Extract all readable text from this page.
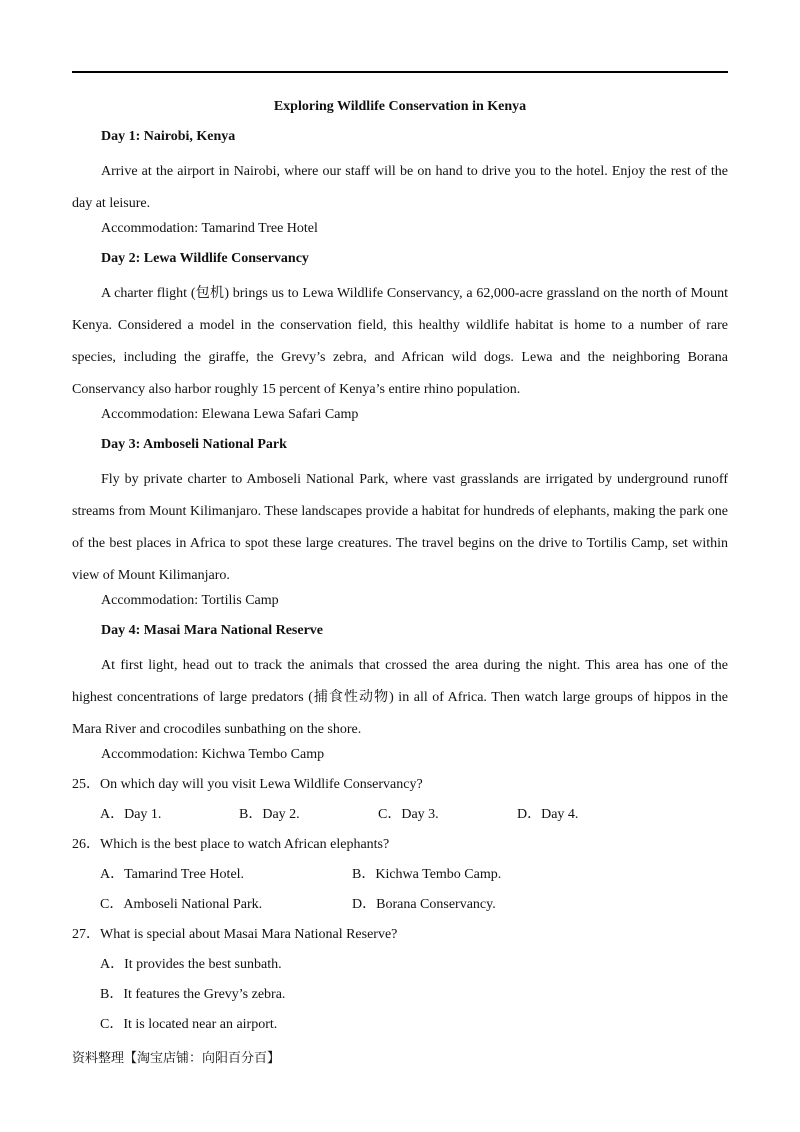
Exploring Wildlife Conservation in Kenya

Day 1: Nairobi, Kenya

Arrive at the airport in Nairobi, where our staff will be on hand to drive you to the hotel. Enjoy the rest of the day at leisure.

Accommodation: Tamarind Tree Hotel

Day 2: Lewa Wildlife Conservancy

A charter flight (包机) brings us to Lewa Wildlife Conservancy, a 62,000-acre grassland on the north of Mount Kenya. Considered a model in the conservation field, this healthy wildlife habitat is home to a number of rare species, including the giraffe, the Grevy’s zebra, and African wild dogs. Lewa and the neighboring Borana Conservancy also harbor roughly 15 percent of Kenya’s entire rhino population.

Accommodation: Elewana Lewa Safari Camp

Day 3: Amboseli National Park

Fly by private charter to Amboseli National Park, where vast grasslands are irrigated by underground runoff streams from Mount Kilimanjaro. These landscapes provide a habitat for hundreds of elephants, making the park one of the best places in Africa to spot these large creatures. The travel begins on the drive to Tortilis Camp, set within view of Mount Kilimanjaro.

Accommodation: Tortilis Camp

Day 4: Masai Mara National Reserve

At first light, head out to track the animals that crossed the area during the night. This area has one of the highest concentrations of large predators (捕食性动物) in all of Africa. Then watch large groups of hippos in the Mara River and crocodiles sunbathing on the shore.

Accommodation: Kichwa Tembo Camp

25．On which day will you visit Lewa Wildlife Conservancy?

A．Day 1.	B．Day 2.	C．Day 3.	D．Day 4.

26．Which is the best place to watch African elephants?

A．Tamarind Tree Hotel.	B．Kichwa Tembo Camp.
C．Amboseli National Park.	D．Borana Conservancy.

27．What is special about Masai Mara National Reserve?

A．It provides the best sunbath.
B．It features the Grevy’s zebra.
C．It is located near an airport.
资料整理【淘宝店铺：向阳百分百】
